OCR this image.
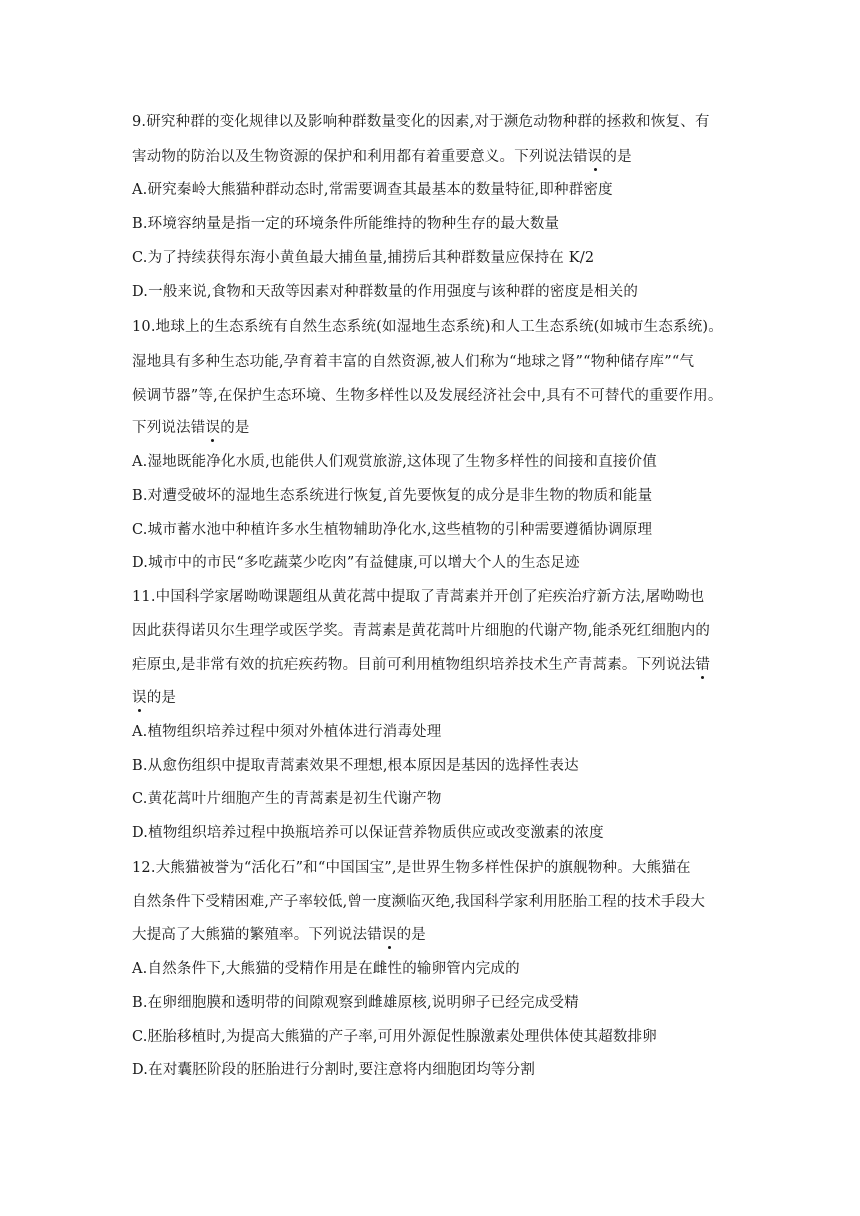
9.研究种群的变化规律以及影响种群数量变化的因素,对于濒危动物种群的拯救和恢复、有
害动物的防治以及生物资源的保护和利用都有着重要意义。下列说法错误的是
A.研究秦岭大熊猫种群动态时,常需要调查其最基本的数量特征,即种群密度
B.环境容纳量是指一定的环境条件所能维持的物种生存的最大数量
C.为了持续获得东海小黄鱼最大捕鱼量,捕捞后其种群数量应保持在 K/2
D.一般来说,食物和天敌等因素对种群数量的作用强度与该种群的密度是相关的
10.地球上的生态系统有自然生态系统(如湿地生态系统)和人工生态系统(如城市生态系统)。
湿地具有多种生态功能,孕育着丰富的自然资源,被人们称为“地球之肾”“物种储存库”“气
候调节器”等,在保护生态环境、生物多样性以及发展经济社会中,具有不可替代的重要作用。
下列说法错误的是
A.湿地既能净化水质,也能供人们观赏旅游,这体现了生物多样性的间接和直接价值
B.对遭受破坏的湿地生态系统进行恢复,首先要恢复的成分是非生物的物质和能量
C.城市蓄水池中种植许多水生植物辅助净化水,这些植物的引种需要遵循协调原理
D.城市中的市民“多吃蔬菜少吃肉”有益健康,可以增大个人的生态足迹
11.中国科学家屠呦呦课题组从黄花蒿中提取了青蒿素并开创了疟疾治疗新方法,屠呦呦也
因此获得诺贝尔生理学或医学奖。青蒿素是黄花蒿叶片细胞的代谢产物,能杀死红细胞内的
疟原虫,是非常有效的抗疟疾药物。目前可利用植物组织培养技术生产青蒿素。下列说法错
误的是
A.植物组织培养过程中须对外植体进行消毒处理
B.从愈伤组织中提取青蒿素效果不理想,根本原因是基因的选择性表达
C.黄花蒿叶片细胞产生的青蒿素是初生代谢产物
D.植物组织培养过程中换瓶培养可以保证营养物质供应或改变激素的浓度
12.大熊猫被誉为“活化石”和“中国国宝”,是世界生物多样性保护的旗舰物种。大熊猫在
自然条件下受精困难,产子率较低,曾一度濒临灭绝,我国科学家利用胚胎工程的技术手段大
大提高了大熊猫的繁殖率。下列说法错误的是
A.自然条件下,大熊猫的受精作用是在雌性的输卵管内完成的
B.在卵细胞膜和透明带的间隙观察到雌雄原核,说明卵子已经完成受精
C.胚胎移植时,为提高大熊猫的产子率,可用外源促性腺激素处理供体使其超数排卵
D.在对囊胚阶段的胚胎进行分割时,要注意将内细胞团均等分割
